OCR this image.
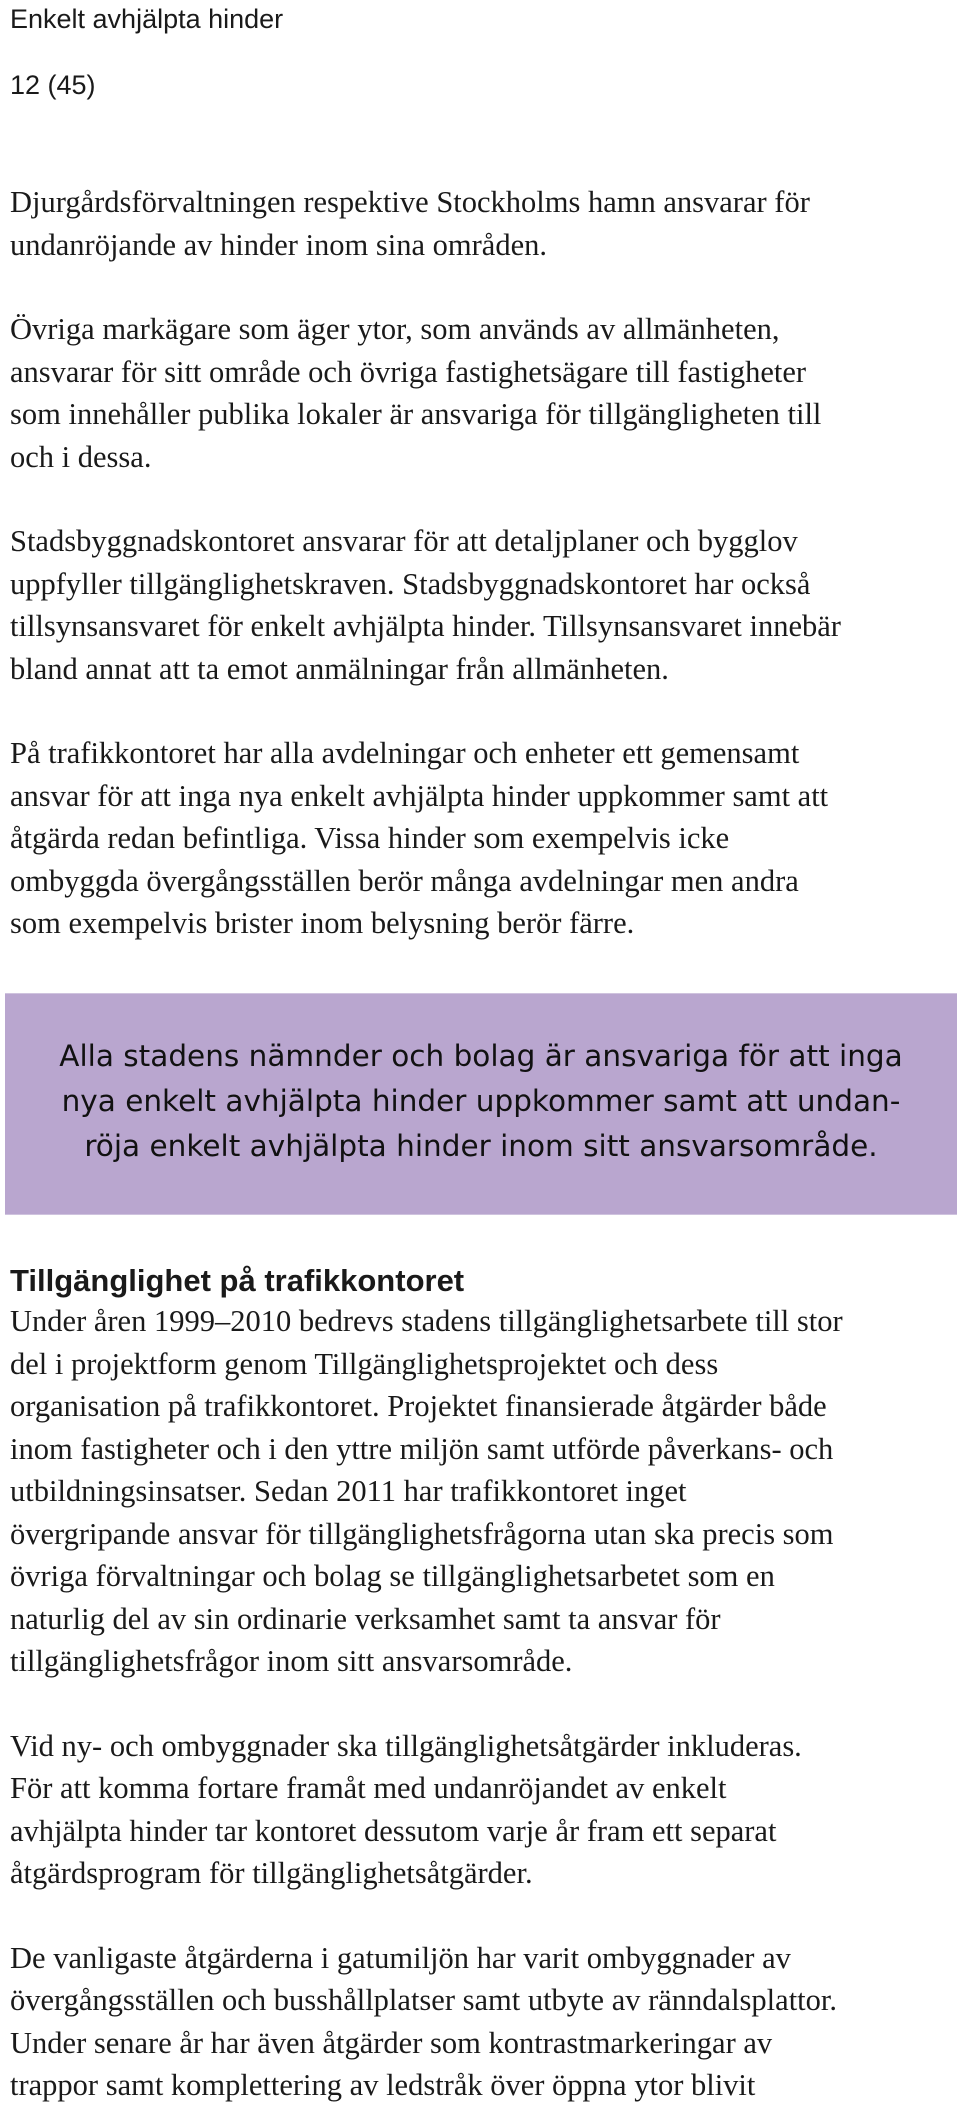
Enkelt avhjälpta hinder
12 (45)

Djurgårdsförvaltningen respektive Stockholms hamn ansvarar för
undanröjande av hinder inom sina områden.

Övriga markägare som äger ytor, som används av allmänheten,
ansvarar för sitt område och övriga fastighetsägare till fastigheter
som innehåller publika lokaler är ansvariga för tillgängligheten till
och i dessa.

Stadsbyggnadskontoret ansvarar för att detaljplaner och bygglov
uppfyller tillgänglighetskraven. Stadsbyggnadskontoret har också
tillsynsansvaret för enkelt avhjälpta hinder. Tillsynsansvaret innebär
bland annat att ta emot anmälningar från allmänheten.

På trafikkontoret har alla avdelningar och enheter ett gemensamt
ansvar för att inga nya enkelt avhjälpta hinder uppkommer samt att
åtgärda redan befintliga. Vissa hinder som exempelvis icke
ombyggda övergångsställen berör många avdelningar men andra
som exempelvis brister inom belysning berör färre.

Alla stadens nämnder och bolag är ansvariga för att inga
nya enkelt avhjälpta hinder uppkommer samt att undan-
röja enkelt avhjälpta hinder inom sitt ansvarsområde.

Tillgänglighet på trafikkontoret

Under åren 1999–2010 bedrevs stadens tillgänglighetsarbete till stor
del i projektform genom Tillgänglighetsprojektet och dess
organisation på trafikkontoret. Projektet finansierade åtgärder både
inom fastigheter och i den yttre miljön samt utförde påverkans- och
utbildningsinsatser. Sedan 2011 har trafikkontoret inget
övergripande ansvar för tillgänglighetsfrågorna utan ska precis som
övriga förvaltningar och bolag se tillgänglighetsarbetet som en
naturlig del av sin ordinarie verksamhet samt ta ansvar för
tillgänglighetsfrågor inom sitt ansvarsområde.

Vid ny- och ombyggnader ska tillgänglighetsåtgärder inkluderas.
För att komma fortare framåt med undanröjandet av enkelt
avhjälpta hinder tar kontoret dessutom varje år fram ett separat
åtgärdsprogram för tillgänglighetsåtgärder.

De vanligaste åtgärderna i gatumiljön har varit ombyggnader av
övergångsställen och busshållplatser samt utbyte av ränndalsplattor.
Under senare år har även åtgärder som kontrastmarkeringar av
trappor samt komplettering av ledstråk över öppna ytor blivit
